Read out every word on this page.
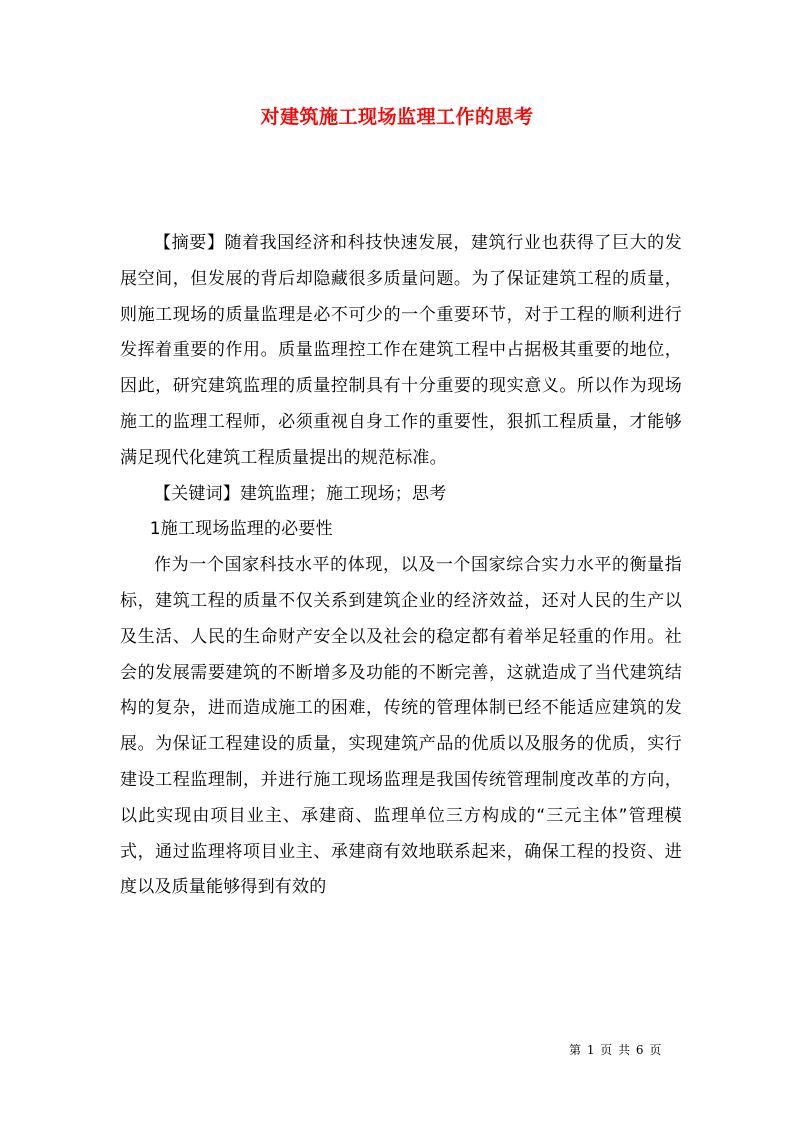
对建筑施工现场监理工作的思考

【摘要】随着我国经济和科技快速发展，建筑行业也获得了巨大的发展空间，但发展的背后却隐藏很多质量问题。为了保证建筑工程的质量，则施工现场的质量监理是必不可少的一个重要环节，对于工程的顺利进行发挥着重要的作用。质量监理控工作在建筑工程中占据极其重要的地位，因此，研究建筑监理的质量控制具有十分重要的现实意义。所以作为现场施工的监理工程师，必须重视自身工作的重要性，狠抓工程质量，才能够满足现代化建筑工程质量提出的规范标准。

【关键词】建筑监理；施工现场；思考

1施工现场监理的必要性

作为一个国家科技水平的体现，以及一个国家综合实力水平的衡量指标，建筑工程的质量不仅关系到建筑企业的经济效益，还对人民的生产以及生活、人民的生命财产安全以及社会的稳定都有着举足轻重的作用。社会的发展需要建筑的不断增多及功能的不断完善，这就造成了当代建筑结构的复杂，进而造成施工的困难，传统的管理体制已经不能适应建筑的发展。为保证工程建设的质量，实现建筑产品的优质以及服务的优质，实行建设工程监理制，并进行施工现场监理是我国传统管理制度改革的方向，以此实现由项目业主、承建商、监理单位三方构成的“三元主体”管理模式，通过监理将项目业主、承建商有效地联系起来，确保工程的投资、进度以及质量能够得到有效的

第 1 页 共 6 页
